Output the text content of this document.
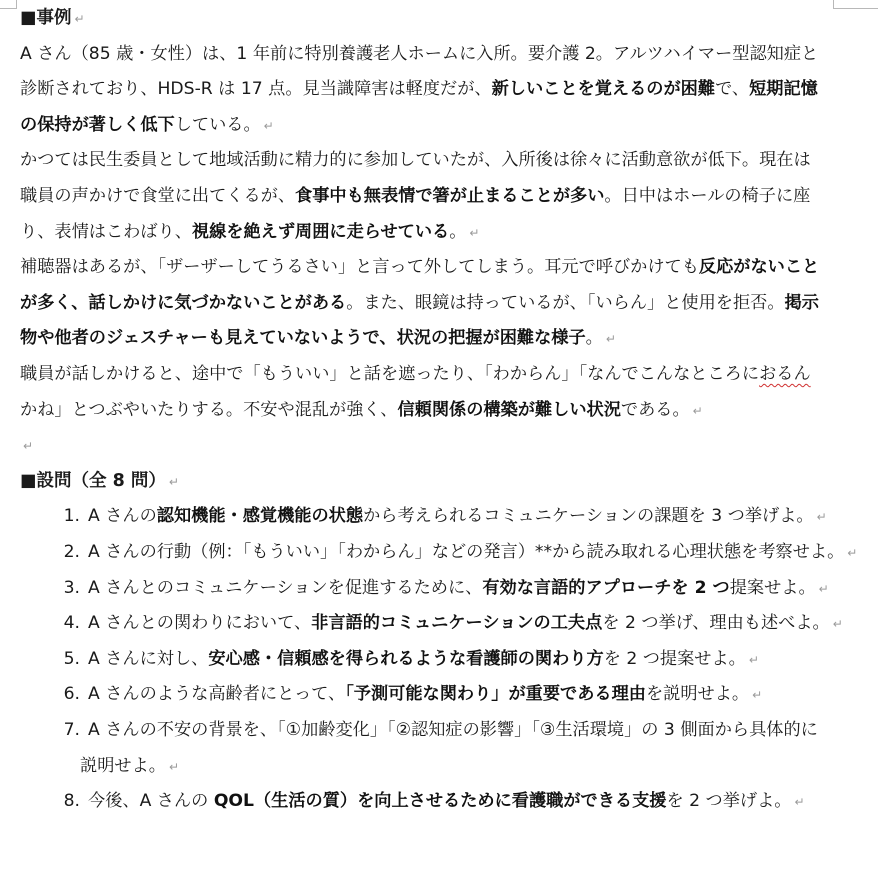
■事例 ↵
A さん（85 歳・女性）は、1 年前に特別養護老人ホームに入所。要介護 2。アルツハイマー型認知症と
診断されており、HDS-R は 17 点。見当識障害は軽度だが、新しいことを覚えるのが困難で、短期記憶
の保持が著しく低下している。 ↵
かつては民生委員として地域活動に精力的に参加していたが、入所後は徐々に活動意欲が低下。現在は
職員の声かけで食堂に出てくるが、食事中も無表情で箸が止まることが多い。日中はホールの椅子に座
り、表情はこわばり、視線を絶えず周囲に走らせている。 ↵
補聴器はあるが、「ザーザーしてうるさい」と言って外してしまう。耳元で呼びかけても反応がないこと
が多く、話しかけに気づかないことがある。また、眼鏡は持っているが、「いらん」と使用を拒否。掲示
物や他者のジェスチャーも見えていないようで、状況の把握が困難な様子。 ↵
職員が話しかけると、途中で「もういい」と話を遮ったり、「わからん」「なんでこんなところにおるん
かね」とつぶやいたりする。不安や混乱が強く、信頼関係の構築が難しい状況である。 ↵
↵
■設問（全 8 問） ↵
1. A さんの認知機能・感覚機能の状態から考えられるコミュニケーションの課題を 3 つ挙げよ。 ↵
2. A さんの行動（例：「もういい」「わからん」などの発言）**から読み取れる心理状態を考察せよ。 ↵
3. A さんとのコミュニケーションを促進するために、有効な言語的アプローチを 2 つ提案せよ。 ↵
4. A さんとの関わりにおいて、非言語的コミュニケーションの工夫点を 2 つ挙げ、理由も述べよ。 ↵
5. A さんに対し、安心感・信頼感を得られるような看護師の関わり方を 2 つ提案せよ。 ↵
6. A さんのような高齢者にとって、「予測可能な関わり」が重要である理由を説明せよ。 ↵
7. A さんの不安の背景を、「①加齢変化」「②認知症の影響」「③生活環境」の 3 側面から具体的に
説明せよ。 ↵
8. 今後、A さんの QOL（生活の質）を向上させるために看護職ができる支援を 2 つ挙げよ。 ↵
